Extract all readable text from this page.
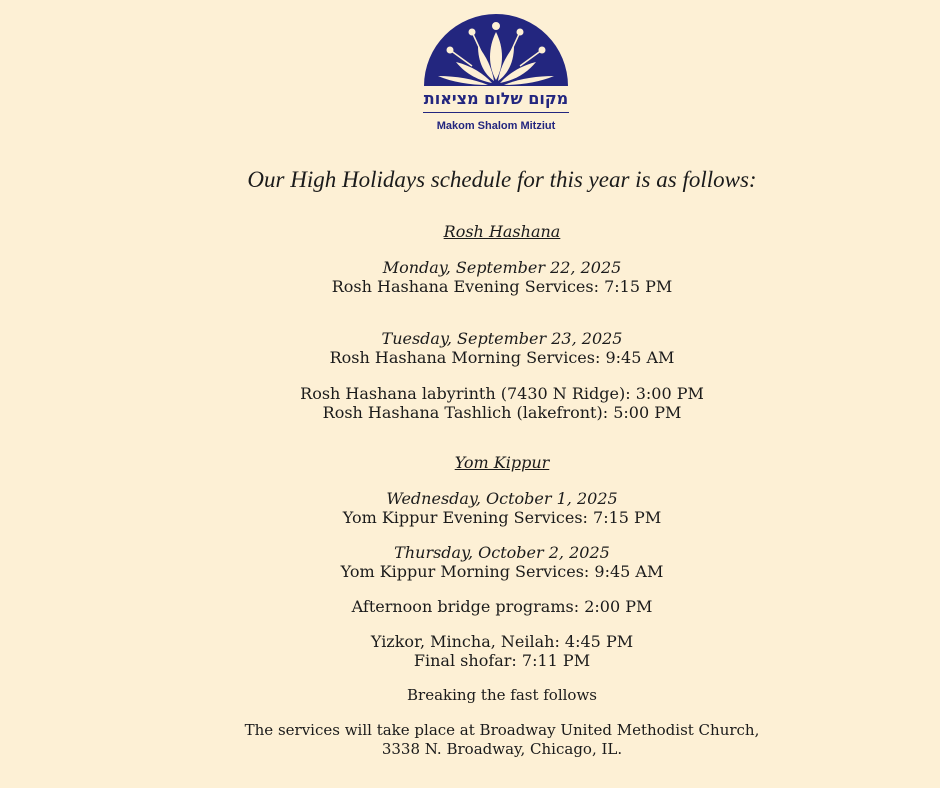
מקום שלום מציאות
Makom Shalom Mitziut

Our High Holidays schedule for this year is as follows:

Rosh Hashana

Monday, September 22, 2025

Rosh Hashana Evening Services: 7:15 PM

Tuesday, September 23, 2025

Rosh Hashana Morning Services: 9:45 AM

Rosh Hashana labyrinth (7430 N Ridge): 3:00 PM

Rosh Hashana Tashlich (lakefront): 5:00 PM

Yom Kippur

Wednesday, October 1, 2025

Yom Kippur Evening Services: 7:15 PM

Thursday, October 2, 2025

Yom Kippur Morning Services: 9:45 AM

Afternoon bridge programs: 2:00 PM

Yizkor, Mincha, Neilah: 4:45 PM

Final shofar: 7:11 PM

Breaking the fast follows

The services will take place at Broadway United Methodist Church,

3338 N. Broadway, Chicago, IL.
